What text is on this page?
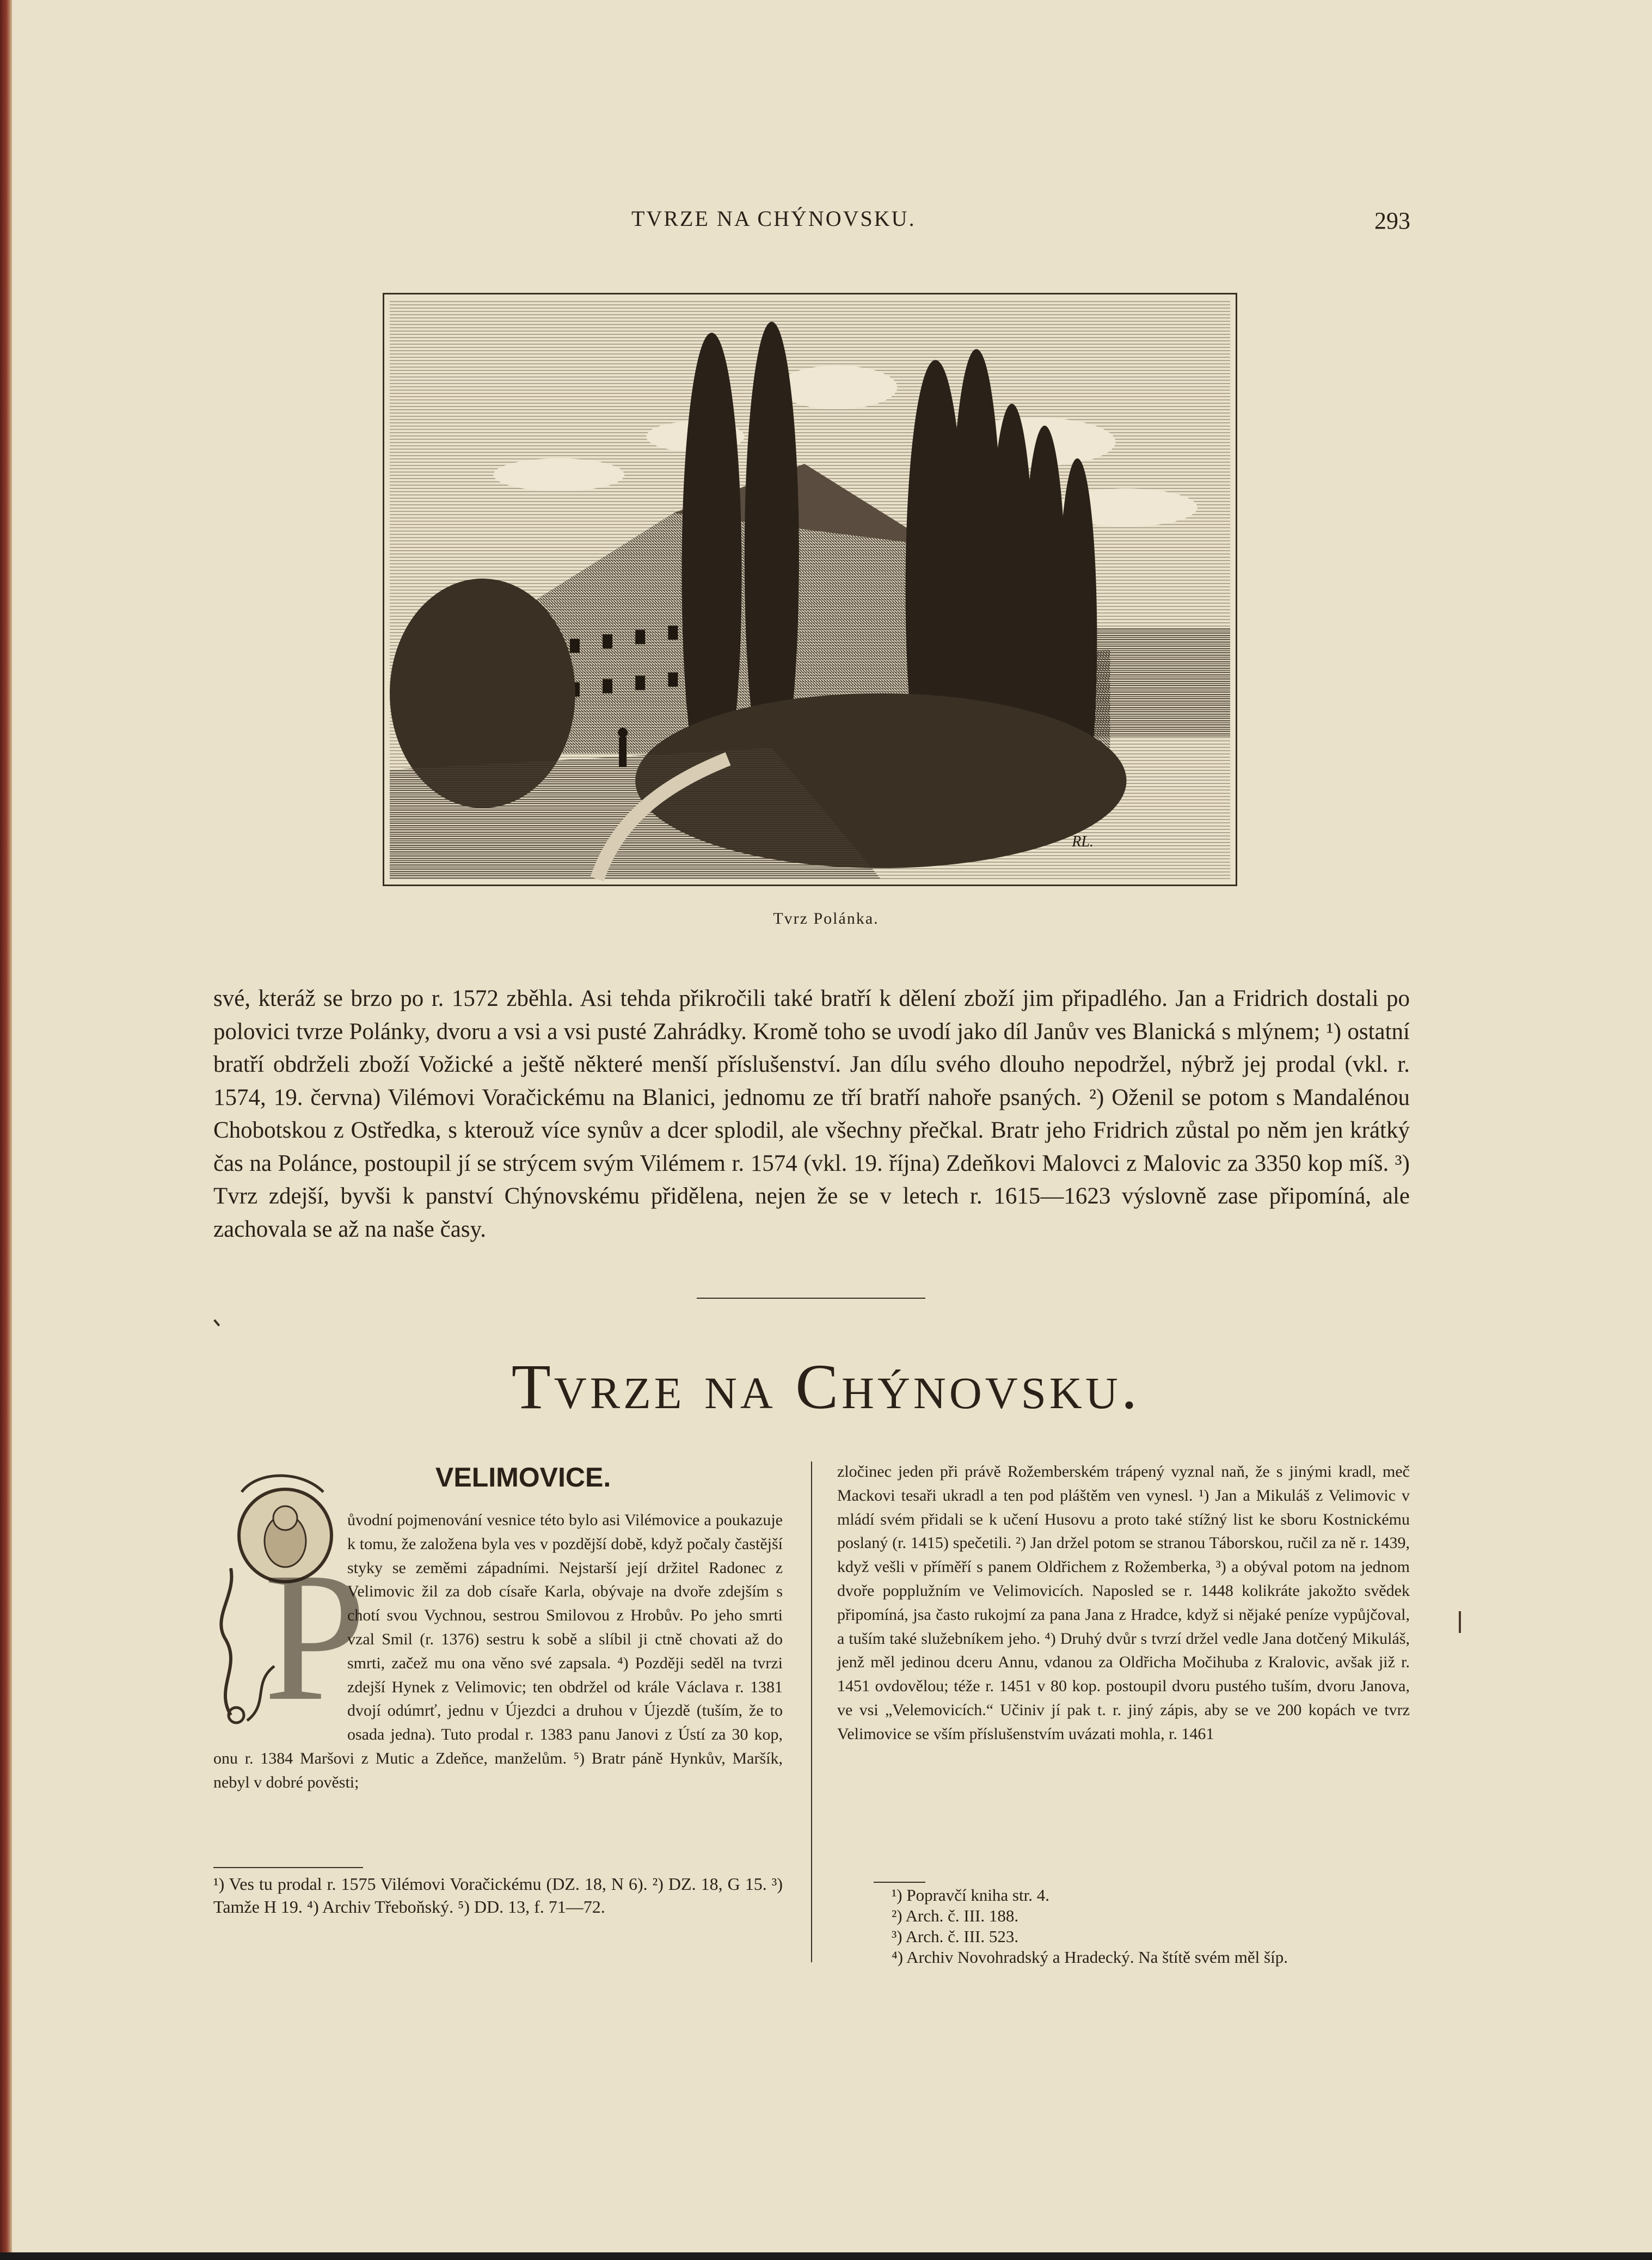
TVRZE NA CHÝNOVSKU.	293
RL.
Tvrz Polánka.

své, kteráž se brzo po r. 1572 zběhla. Asi tehda přikročili také bratří k dělení zboží jim připadlého. Jan a Fridrich dostali po polovici tvrze Polánky, dvoru a vsi a vsi pusté Zahrádky. Kromě toho se uvodí jako díl Janův ves Blanická s mlýnem; ¹) ostatní bratří obdrželi zboží Vožické a ještě některé menší příslušenství. Jan dílu svého dlouho nepodržel, nýbrž jej prodal (vkl. r. 1574, 19. června) Vilémovi Voračickému na Blanici, jednomu ze tří bratří nahoře psaných. ²) Oženil se potom s Mandalénou Chobotskou z Ostředka, s kterouž více synův a dcer splodil, ale všechny přečkal. Bratr jeho Fridrich zůstal po něm jen krátký čas na Polánce, postoupil jí se strýcem svým Vilémem r. 1574 (vkl. 19. října) Zdeňkovi Malovci z Malovic za 3350 kop míš. ³) Tvrz zdejší, byvši k panství Chýnovskému přidělena, nejen že se v letech r. 1615—1623 výslovně zase připomíná, ale zachovala se až na naše časy.

Tvrze na Chýnovsku.
VELIMOVICE.
P
ůvodní pojmenování vesnice této bylo asi Vilémovice a poukazuje k tomu, že založena byla ves v pozdější době, když počaly častější styky se zeměmi západními. Nejstarší její držitel Radonec z Velimovic žil za dob císaře Karla, obývaje na dvoře zdejším s chotí svou Vychnou, sestrou Smilovou z Hrobův. Po jeho smrti vzal Smil (r. 1376) sestru k sobě a slíbil ji ctně chovati až do smrti, začež mu ona věno své zapsala. ⁴) Později seděl na tvrzi zdejší Hynek z Velimovic; ten obdržel od krále Václava r. 1381 dvojí odúmrť, jednu v Újezdci a druhou v Újezdě (tuším, že to osada jedna). Tuto prodal r. 1383 panu Janovi z Ústí za 30 kop, onu r. 1384 Maršovi z Mutic a Zdeňce, manželům. ⁵) Bratr páně Hynkův, Maršík, nebyl v dobré pověsti;
zločinec jeden při právě Rožemberském trápený vyznal naň, že s jinými kradl, meč Mackovi tesaři ukradl a ten pod pláštěm ven vynesl. ¹) Jan a Mikuláš z Velimovic v mládí svém přidali se k učení Husovu a proto také stížný list ke sboru Kostnickému poslaný (r. 1415) spečetili. ²) Jan držel potom se stranou Táborskou, ručil za ně r. 1439, když vešli v příměří s panem Oldřichem z Rožemberka, ³) a obýval potom na jednom dvoře popplužním ve Velimovicích. Naposled se r. 1448 kolikráte jakožto svědek připomíná, jsa často rukojmí za pana Jana z Hradce, když si nějaké peníze vypůjčoval, a tuším také služebníkem jeho. ⁴) Druhý dvůr s tvrzí držel vedle Jana dotčený Mikuláš, jenž měl jedinou dceru Annu, vdanou za Oldřicha Močihuba z Kralovic, avšak již r. 1451 ovdovělou; téže r. 1451 v 80 kop. postoupil dvoru pustého tuším, dvoru Janova, ve vsi „Velemovicích.“ Učiniv jí pak t. r. jiný zápis, aby se ve 200 kopách ve tvrz Velimovice se vším příslušenstvím uvázati mohla, r. 1461
¹) Ves tu prodal r. 1575 Vilémovi Voračickému (DZ. 18, N 6). ²) DZ. 18, G 15. ³) Tamže H 19. ⁴) Archiv Třeboňský. ⁵) DD. 13, f. 71—72.
¹) Popravčí kniha str. 4.
²) Arch. č. III. 188.
³) Arch. č. III. 523.
⁴) Archiv Novohradský a Hradecký. Na štítě svém měl šíp.
